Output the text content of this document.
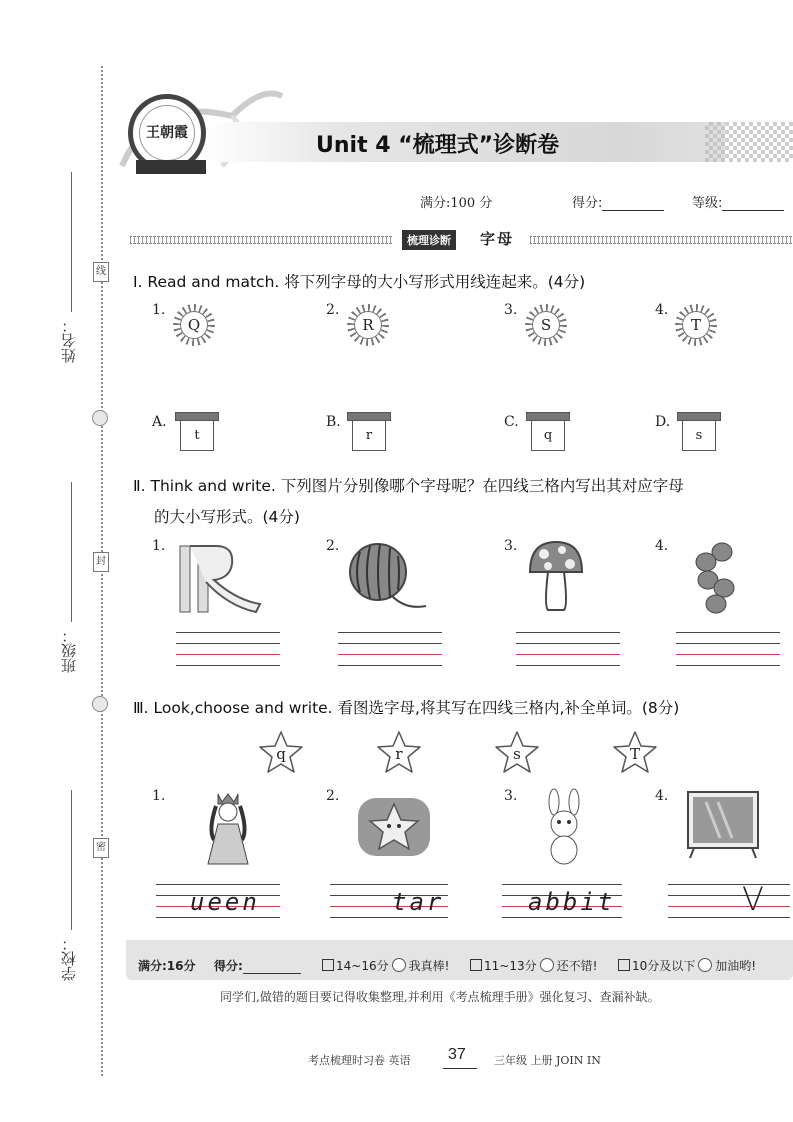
线
封
密
姓名：
班级：
学校：
王朝霞	Unit 4 “梳理式”诊断卷
满分:100 分	得分:	等级:
梳理诊断	字母
Ⅰ. Read and match. 将下列字母的大小写形式用线连起来。(4分)
1.
Q
2.
R
3.
S
4.
T
A.
t
B.
r
C.
q
D.
s
Ⅱ. Think and write. 下列图片分别像哪个字母呢？在四线三格内写出其对应字母
的大小写形式。(4分)
1.	2.	3.	4.
Ⅲ. Look,choose and write. 看图选字母,将其写在四线三格内,补全单词。(8分)
q	r	s	T
1.	2.	3.	4.
ueen	tar	abbit	V
满分:16分 得分:	14~16分 我真棒!	11~13分 还不错!	10分及以下 加油哟!
同学们,做错的题目要记得收集整理,并利用《考点梳理手册》强化复习、查漏补缺。
考点梳理时习卷 英语 37	三年级 上册 JOIN IN
